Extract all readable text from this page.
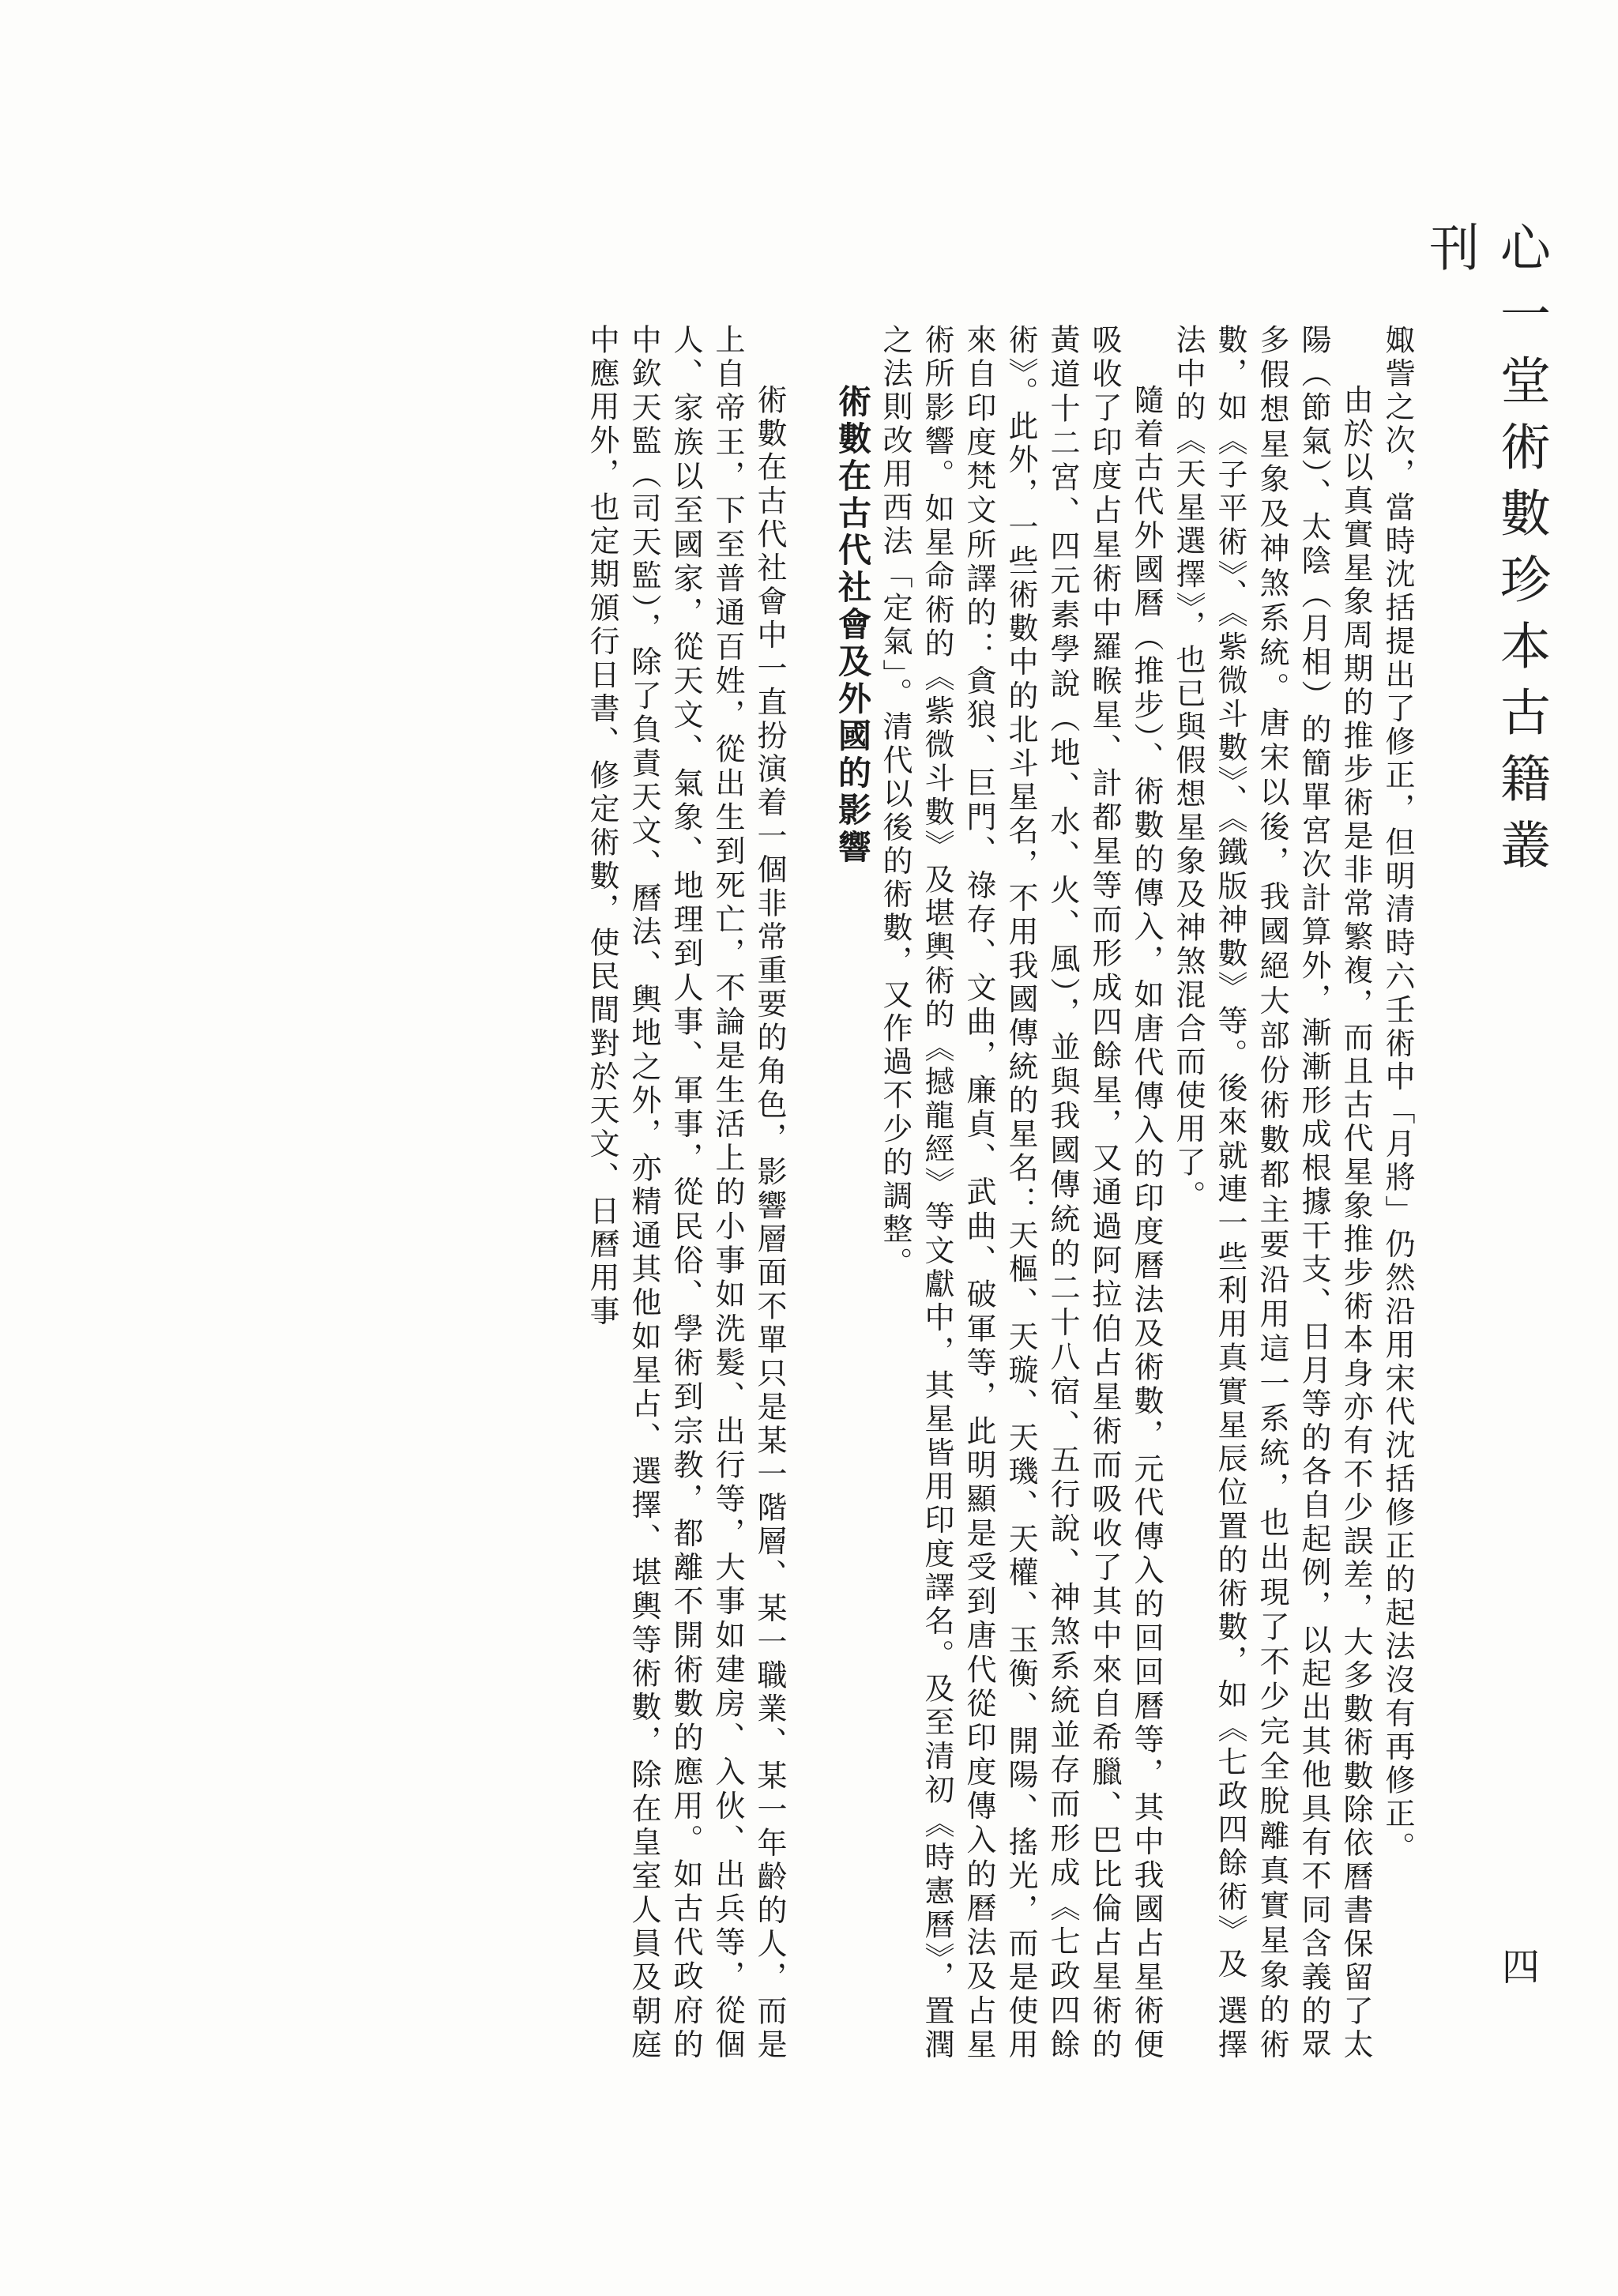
心一堂術數珍本古籍叢刊
四

娵訾之次，當時沈括提出了修正，但明清時六壬術中「月將」仍然沿用宋代沈括修正的起法沒有再修正。

由於以真實星象周期的推步術是非常繁複，而且古代星象推步術本身亦有不少誤差，大多數術數除依曆書保留了太陽（節氣）、太陰（月相）的簡單宮次計算外，漸漸形成根據干支、日月等的各自起例，以起出其他具有不同含義的眾多假想星象及神煞系統。唐宋以後，我國絕大部份術數都主要沿用這一系統，也出現了不少完全脫離真實星象的術數，如《子平術》、《紫微斗數》、《鐵版神數》等。後來就連一些利用真實星辰位置的術數，如《七政四餘術》及 選擇法中的《天星選擇》，也已與假想星象及神煞混合而使用了。

隨着古代外國曆（推步）、術數的傳入，如唐代傳入的印度曆法及術數，元代傳入的回回曆等，其中我國占星術便吸收了印度占星術中羅睺星、計都星等而形成四餘星，又通過阿拉伯占星術而吸收了其中來自希臘、巴比倫占星術的黃道十二宮、四元素學說（地、水、火、風），並與我國傳統的二十八宿、五行說、神煞系統並存而形成《七政四餘術》。此外，一些術數中的北斗星名，不用我國傳統的星名：天樞、天璇、天璣、天權、玉衡、開陽、搖光，而是使用來自印度梵文所譯的：貪狼、巨門、祿存、文曲，廉貞、武曲、破軍等，此明顯是受到唐代從印度傳入的曆法及占星術所影響。如星命術的《紫微斗數》及堪輿術的《撼龍經》等文獻中，其星皆用印度譯名。及至清初《時憲曆》，置潤之法則改用西法「定氣」。清代以後的術數，又作過不少的調整。

術數在古代社會及外國的影響

術數在古代社會中一直扮演着一個非常重要的角色，影響層面不單只是某一階層、某一職業、某一年齡的人，而是上自帝王，下至普通百姓，從出生到死亡，不論是生活上的小事如洗髮、出行等，大事如建房、入伙、出兵等，從個人、家族以至國家，從天文、氣象、地理到人事、軍事，從民俗、學術到宗教，都離不開術數的應用。如古代政府的中欽天監（司天監），除了負責天文、曆法、輿地之外，亦精通其他如星占、選擇、堪輿等術數，除在皇室人員及朝庭中應用外，也定期頒行日書、修定術數，使民間對於天文、日曆用事
